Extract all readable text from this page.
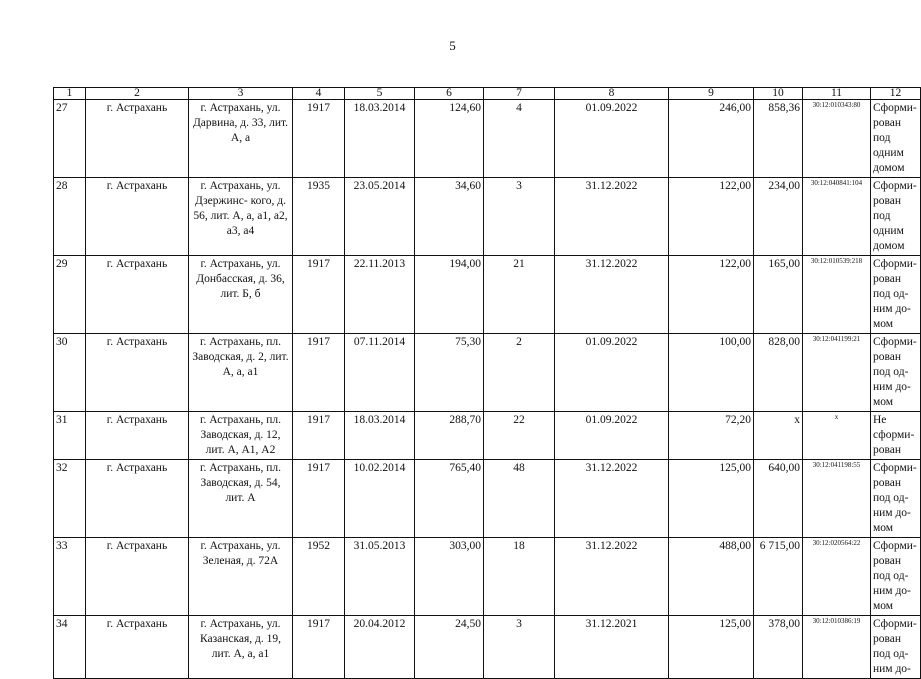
5
1	2	3	4	5	6	7	8	9	10	11	12
27	г. Астрахань	г. Астрахань, ул. Дарвина, д. 33, лит. А, а	1917	18.03.2014	124,60	4	01.09.2022	246,00	858,36	30:12:010343:80	Сформи-рован под одним домом
28	г. Астрахань	г. Астрахань, ул. Дзержинс- кого, д. 56, лит. А, а, а1, а2, а3, а4	1935	23.05.2014	34,60	3	31.12.2022	122,00	234,00	30:12:040841:104	Сформи-рован под одним домом
29	г. Астрахань	г. Астрахань, ул. Донбасская, д. 36, лит. Б, б	1917	22.11.2013	194,00	21	31.12.2022	122,00	165,00	30:12:010539:218	Сформи-рован под од-ним до-мом
30	г. Астрахань	г. Астрахань, пл. Заводская, д. 2, лит. А, а, а1	1917	07.11.2014	75,30	2	01.09.2022	100,00	828,00	30:12:041199:21	Сформи-рован под од-ним до-мом
31	г. Астрахань	г. Астрахань, пл. Заводская, д. 12, лит. А, А1, А2	1917	18.03.2014	288,70	22	01.09.2022	72,20	x	x	Не сформи-рован
32	г. Астрахань	г. Астрахань, пл. Заводская, д. 54, лит. А	1917	10.02.2014	765,40	48	31.12.2022	125,00	640,00	30:12:041198:55	Сформи-рован под од-ним до-мом
33	г. Астрахань	г. Астрахань, ул. Зеленая, д. 72А	1952	31.05.2013	303,00	18	31.12.2022	488,00	6 715,00	30:12:020564:22	Сформи-рован под од-ним до-мом
34	г. Астрахань	г. Астрахань, ул. Казанская, д. 19, лит. А, а, а1	1917	20.04.2012	24,50	3	31.12.2021	125,00	378,00	30:12:010386:19	Сформи-рован под од-ним до-
